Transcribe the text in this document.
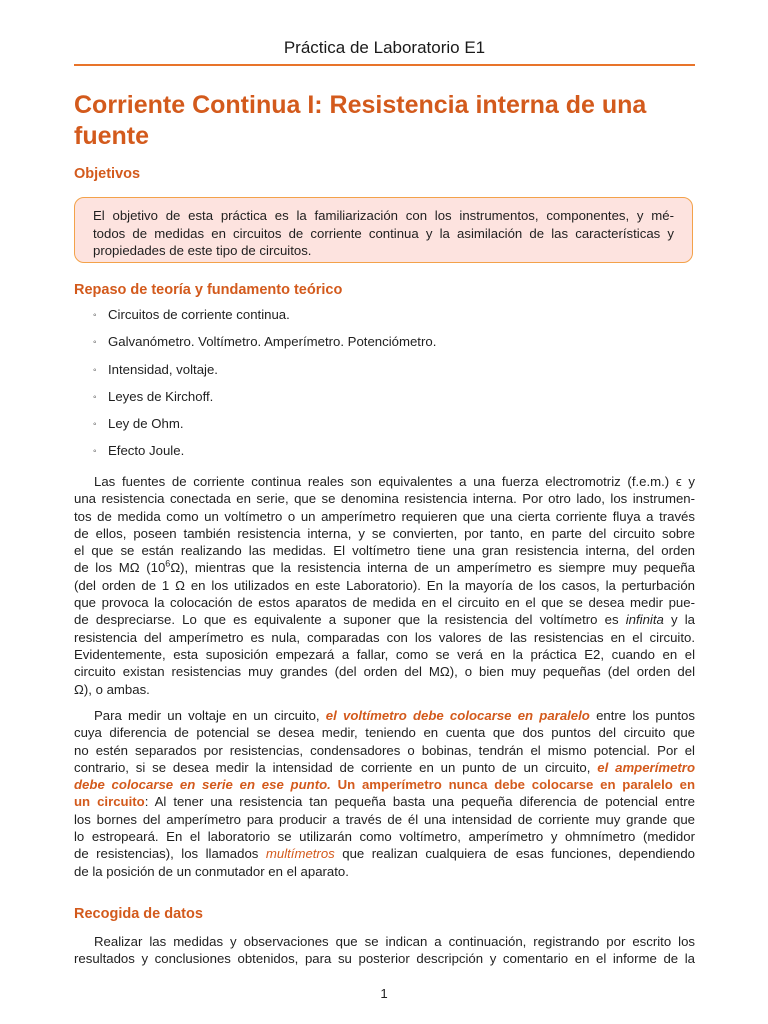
Práctica de Laboratorio E1
Corriente Continua I: Resistencia interna de una fuente
Objetivos
El objetivo de esta práctica es la familiarización con los instrumentos, componentes, y mé-
todos de medidas en circuitos de corriente continua y la asimilación de las características y
propiedades de este tipo de circuitos.
Repaso de teoría y fundamento teórico
◦ Circuitos de corriente continua.
◦ Galvanómetro. Voltímetro. Amperímetro. Potenciómetro.
◦ Intensidad, voltaje.
◦ Leyes de Kirchoff.
◦ Ley de Ohm.
◦ Efecto Joule.
Las fuentes de corriente continua reales son equivalentes a una fuerza electromotriz (f.e.m.) ϵ y
una resistencia conectada en serie, que se denomina resistencia interna. Por otro lado, los instrumen-
tos de medida como un voltímetro o un amperímetro requieren que una cierta corriente fluya a través
de ellos, poseen también resistencia interna, y se convierten, por tanto, en parte del circuito sobre
el que se están realizando las medidas. El voltímetro tiene una gran resistencia interna, del orden
de los MΩ $(10^6\Omega)$, mientras que la resistencia interna de un amperímetro es siempre muy pequeña
(del orden de 1 Ω en los utilizados en este Laboratorio). En la mayoría de los casos, la perturbación
que provoca la colocación de estos aparatos de medida en el circuito en el que se desea medir pue-
de despreciarse. Lo que es equivalente a suponer que la resistencia del voltímetro es infinita y la
resistencia del amperímetro es nula, comparadas con los valores de las resistencias en el circuito.
Evidentemente, esta suposición empezará a fallar, como se verá en la práctica E2, cuando en el
circuito existan resistencias muy grandes (del orden del MΩ), o bien muy pequeñas (del orden del
Ω), o ambas.
Para medir un voltaje en un circuito, el voltímetro debe colocarse en paralelo entre los puntos
cuya diferencia de potencial se desea medir, teniendo en cuenta que dos puntos del circuito que
no estén separados por resistencias, condensadores o bobinas, tendrán el mismo potencial. Por el
contrario, si se desea medir la intensidad de corriente en un punto de un circuito, el amperímetro
debe colocarse en serie en ese punto. Un amperímetro nunca debe colocarse en paralelo en
un circuito: Al tener una resistencia tan pequeña basta una pequeña diferencia de potencial entre
los bornes del amperímetro para producir a través de él una intensidad de corriente muy grande que
lo estropeará. En el laboratorio se utilizarán como voltímetro, amperímetro y ohmnímetro (medidor
de resistencias), los llamados multímetros que realizan cualquiera de esas funciones, dependiendo
de la posición de un conmutador en el aparato.
Recogida de datos
Realizar las medidas y observaciones que se indican a continuación, registrando por escrito los
resultados y conclusiones obtenidos, para su posterior descripción y comentario en el informe de la
1
